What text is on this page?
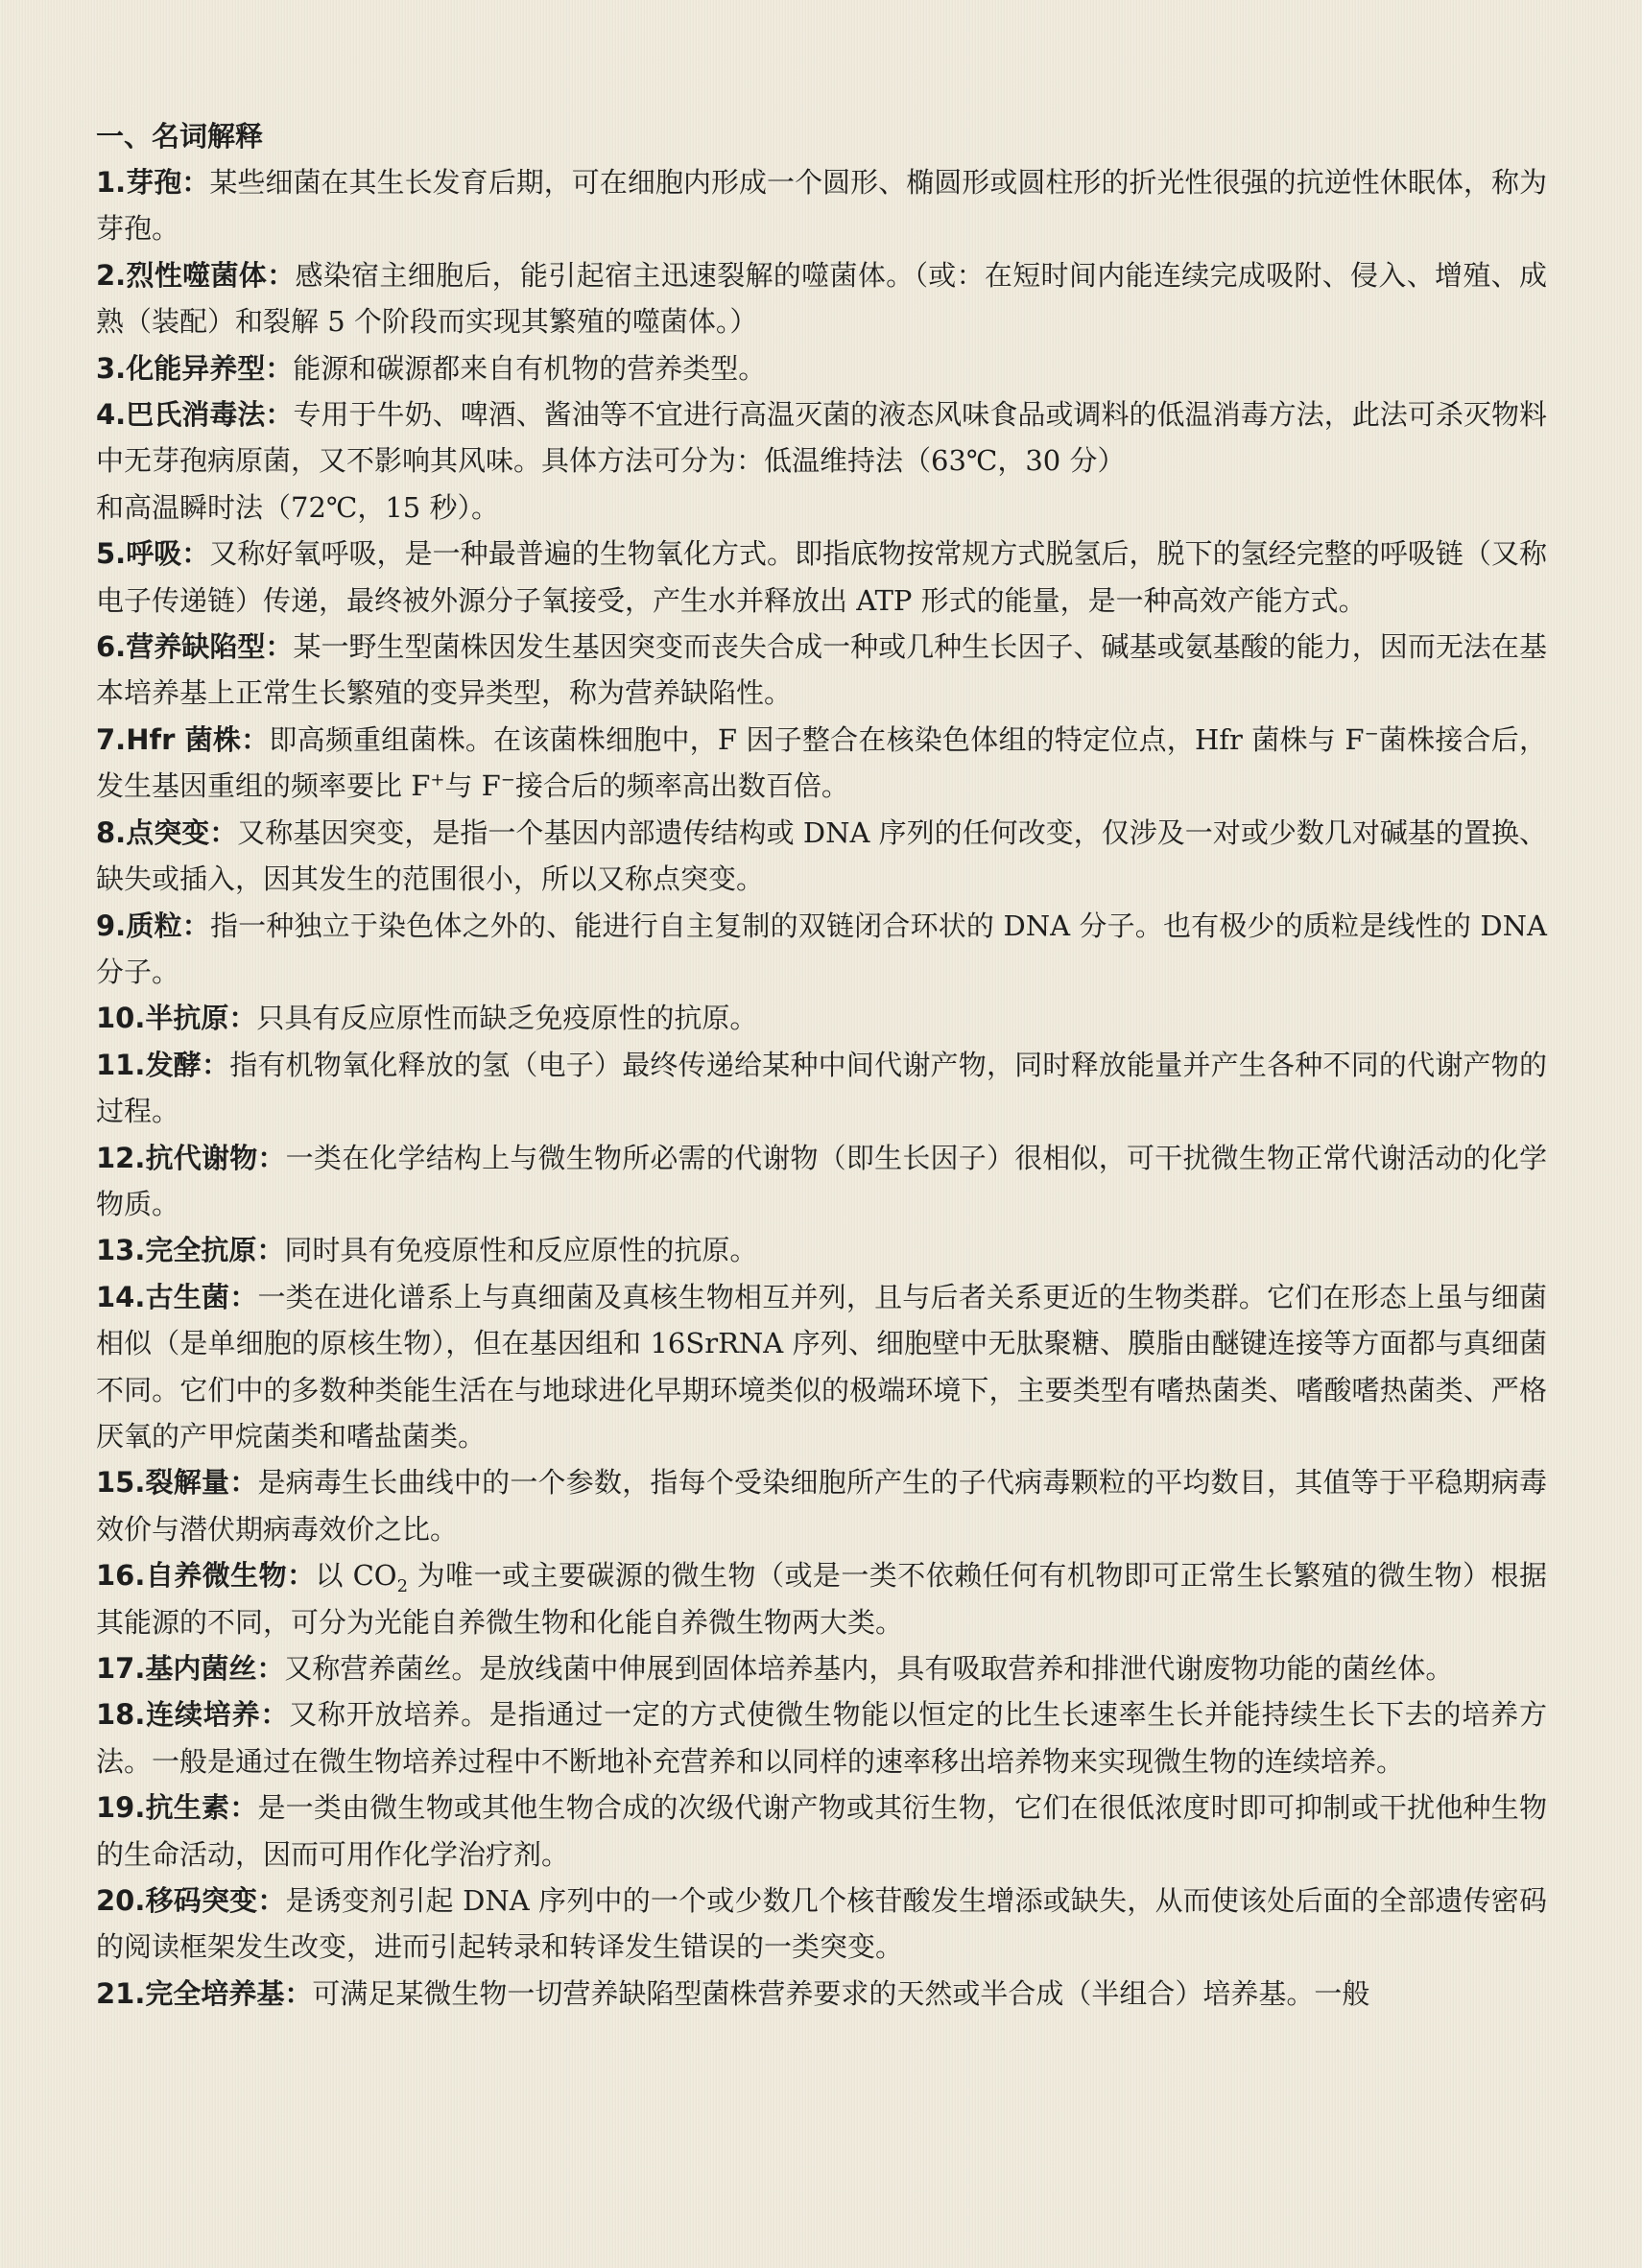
一、名词解释

1.芽孢：某些细菌在其生长发育后期，可在细胞内形成一个圆形、椭圆形或圆柱形的折光性很强的抗逆性休眠体，称为芽孢。

2.烈性噬菌体：感染宿主细胞后，能引起宿主迅速裂解的噬菌体。（或：在短时间内能连续完成吸附、侵入、增殖、成熟（装配）和裂解 5 个阶段而实现其繁殖的噬菌体。）

3.化能异养型：能源和碳源都来自有机物的营养类型。

4.巴氏消毒法：专用于牛奶、啤酒、酱油等不宜进行高温灭菌的液态风味食品或调料的低温消毒方法，此法可杀灭物料中无芽孢病原菌，又不影响其风味。具体方法可分为：低温维持法（63℃，30 分）
和高温瞬时法（72℃，15 秒）。

5.呼吸：又称好氧呼吸，是一种最普遍的生物氧化方式。即指底物按常规方式脱氢后，脱下的氢经完整的呼吸链（又称电子传递链）传递，最终被外源分子氧接受，产生水并释放出 ATP 形式的能量，是一种高效产能方式。

6.营养缺陷型：某一野生型菌株因发生基因突变而丧失合成一种或几种生长因子、碱基或氨基酸的能力，因而无法在基本培养基上正常生长繁殖的变异类型，称为营养缺陷性。

7.Hfr 菌株：即高频重组菌株。在该菌株细胞中，F 因子整合在核染色体组的特定位点，Hfr 菌株与 F−菌株接合后，发生基因重组的频率要比 F+与 F−接合后的频率高出数百倍。

8.点突变：又称基因突变，是指一个基因内部遗传结构或 DNA 序列的任何改变，仅涉及一对或少数几对碱基的置换、缺失或插入，因其发生的范围很小，所以又称点突变。

9.质粒：指一种独立于染色体之外的、能进行自主复制的双链闭合环状的 DNA 分子。也有极少的质粒是线性的 DNA 分子。

10.半抗原：只具有反应原性而缺乏免疫原性的抗原。

11.发酵：指有机物氧化释放的氢（电子）最终传递给某种中间代谢产物，同时释放能量并产生各种不同的代谢产物的过程。

12.抗代谢物：一类在化学结构上与微生物所必需的代谢物（即生长因子）很相似，可干扰微生物正常代谢活动的化学物质。

13.完全抗原：同时具有免疫原性和反应原性的抗原。

14.古生菌：一类在进化谱系上与真细菌及真核生物相互并列，且与后者关系更近的生物类群。它们在形态上虽与细菌相似（是单细胞的原核生物），但在基因组和 16SrRNA 序列、细胞壁中无肽聚糖、膜脂由醚键连接等方面都与真细菌不同。它们中的多数种类能生活在与地球进化早期环境类似的极端环境下，主要类型有嗜热菌类、嗜酸嗜热菌类、严格厌氧的产甲烷菌类和嗜盐菌类。

15.裂解量：是病毒生长曲线中的一个参数，指每个受染细胞所产生的子代病毒颗粒的平均数目，其值等于平稳期病毒效价与潜伏期病毒效价之比。

16.自养微生物：以 $CO_2$ 为唯一或主要碳源的微生物（或是一类不依赖任何有机物即可正常生长繁殖的微生物）根据其能源的不同，可分为光能自养微生物和化能自养微生物两大类。

17.基内菌丝：又称营养菌丝。是放线菌中伸展到固体培养基内，具有吸取营养和排泄代谢废物功能的菌丝体。

18.连续培养：又称开放培养。是指通过一定的方式使微生物能以恒定的比生长速率生长并能持续生长下去的培养方法。一般是通过在微生物培养过程中不断地补充营养和以同样的速率移出培养物来实现微生物的连续培养。

19.抗生素：是一类由微生物或其他生物合成的次级代谢产物或其衍生物，它们在很低浓度时即可抑制或干扰他种生物的生命活动，因而可用作化学治疗剂。

20.移码突变：是诱变剂引起 DNA 序列中的一个或少数几个核苷酸发生增添或缺失，从而使该处后面的全部遗传密码的阅读框架发生改变，进而引起转录和转译发生错误的一类突变。

21.完全培养基：可满足某微生物一切营养缺陷型菌株营养要求的天然或半合成（半组合）培养基。一般
